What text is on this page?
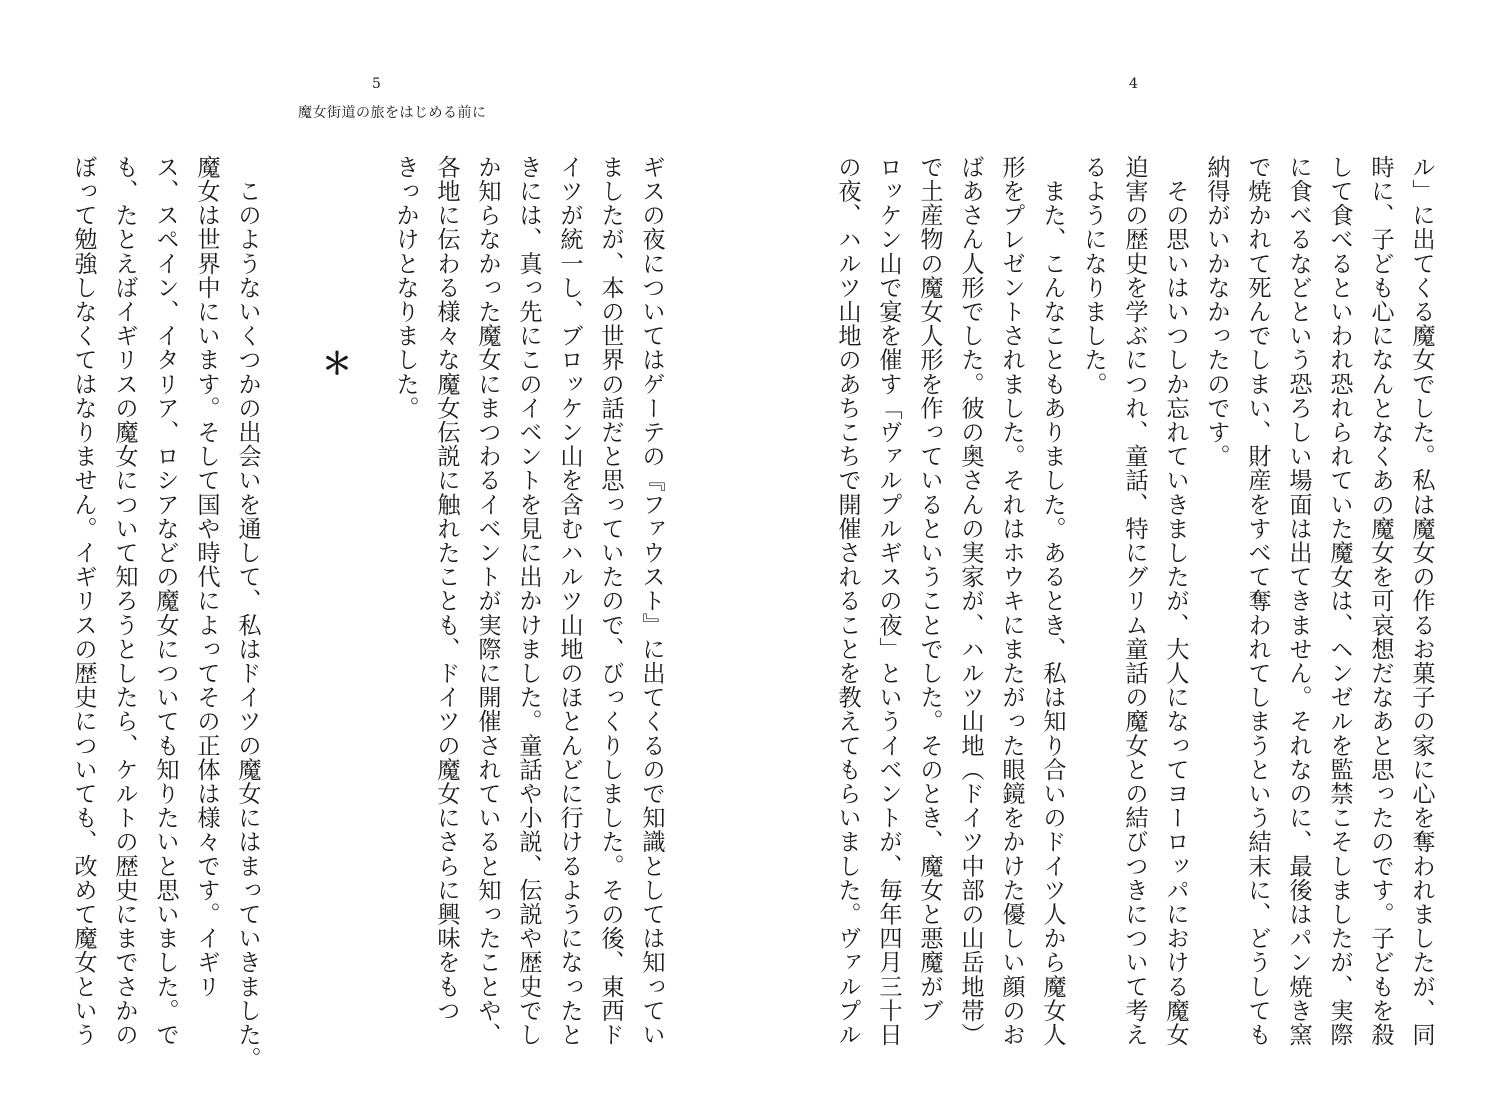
5	4
魔女街道の旅をはじめる前に

ル」に出てくる魔女でした。私は魔女の作るお菓子の家に心を奪われましたが、同

時に、子ども心になんとなくあの魔女を可哀想だなあと思ったのです。子どもを殺

して食べるといわれ恐れられていた魔女は、ヘンゼルを監禁こそしましたが、実際

に食べるなどという恐ろしい場面は出てきません。それなのに、最後はパン焼き窯

で焼かれて死んでしまい、財産をすべて奪われてしまうという結末に、どうしても

納得がいかなかったのです。

　その思いはいつしか忘れていきましたが、大人になってヨーロッパにおける魔女

迫害の歴史を学ぶにつれ、童話、特にグリム童話の魔女との結びつきについて考え

るようになりました。

　また、こんなこともありました。あるとき、私は知り合いのドイツ人から魔女人

形をプレゼントされました。それはホウキにまたがった眼鏡をかけた優しい顔のお

ばあさん人形でした。彼の奥さんの実家が、ハルツ山地（ドイツ中部の山岳地帯）

で土産物の魔女人形を作っているということでした。そのとき、魔女と悪魔がブ

ロッケン山で宴を催す「ヴァルプルギスの夜」というイベントが、毎年四月三十日

の夜、ハルツ山地のあちこちで開催されることを教えてもらいました。ヴァルプル

ギスの夜についてはゲーテの『ファウスト』に出てくるので知識としては知ってい

ましたが、本の世界の話だと思っていたので、びっくりしました。その後、東西ド

イツが統一し、ブロッケン山を含むハルツ山地のほとんどに行けるようになったと

きには、真っ先にこのイベントを見に出かけました。童話や小説、伝説や歴史でし

か知らなかった魔女にまつわるイベントが実際に開催されていると知ったことや、

各地に伝わる様々な魔女伝説に触れたことも、ドイツの魔女にさらに興味をもつ

きっかけとなりました。

＊

　このようないくつかの出会いを通して、私はドイツの魔女にはまっていきました。

魔女は世界中にいます。そして国や時代によってその正体は様々です。イギリ

ス、スペイン、イタリア、ロシアなどの魔女についても知りたいと思いました。で

も、たとえばイギリスの魔女について知ろうとしたら、ケルトの歴史にまでさかの

ぼって勉強しなくてはなりません。イギリスの歴史についても、改めて魔女という
